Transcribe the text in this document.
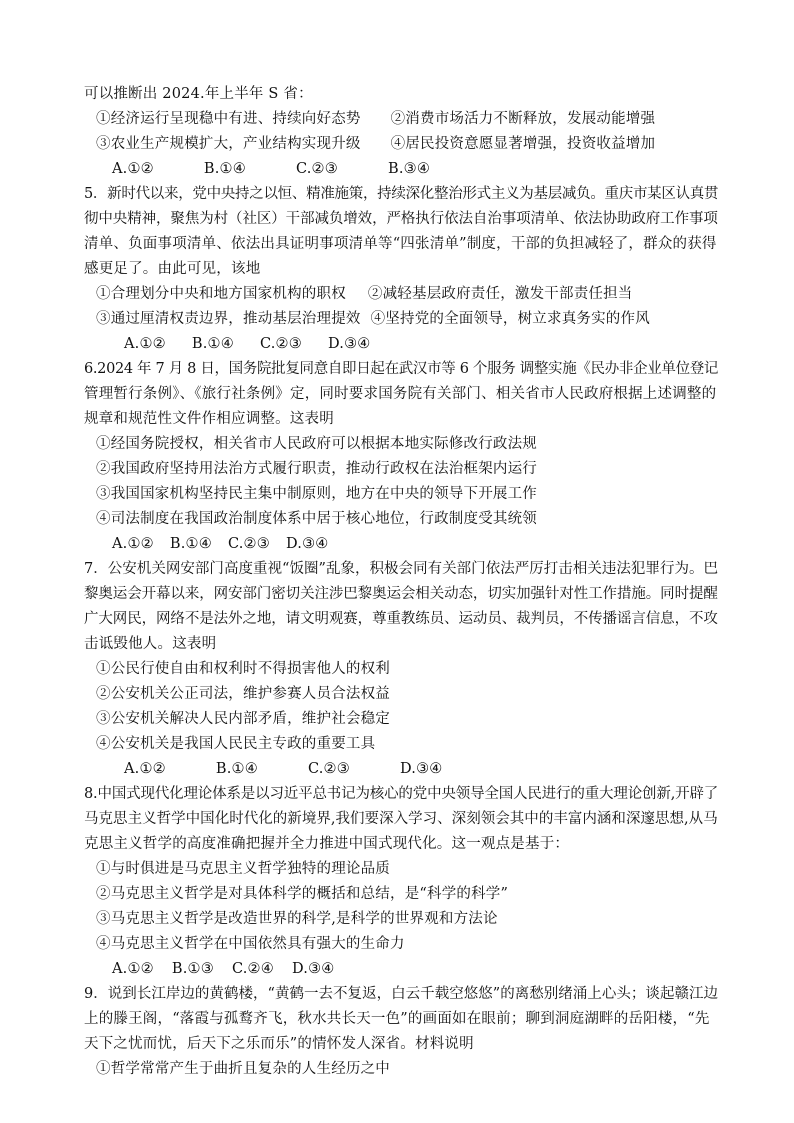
可以推断出 2024.年上半年 S 省：
①经济运行呈现稳中有进、持续向好态势 ②消费市场活力不断释放，发展动能增强
③农业生产规模扩大，产业结构实现升级 ④居民投资意愿显著增强，投资收益增加
A.①②	B.①④	C.②③	B.③④
5．新时代以来，党中央持之以恒、精准施策，持续深化整治形式主义为基层减负。重庆市某区认真贯
彻中央精神，聚焦为村（社区）干部减负增效，严格执行依法自治事项清单、依法协助政府工作事项
清单、负面事项清单、依法出具证明事项清单等“四张清单”制度，干部的负担减轻了，群众的获得
感更足了。由此可见，该地
①合理划分中央和地方国家机构的职权 ②减轻基层政府责任，激发干部责任担当
③通过厘清权责边界，推动基层治理提效 ④坚持党的全面领导，树立求真务实的作风
A.①② B.①④ C.②③ D.③④
6.2024 年 7 月 8 日，国务院批复同意自即日起在武汉市等 6 个服务 调整实施《民办非企业单位登记
管理暂行条例》、《旅行社条例》定，同时要求国务院有关部门、相关省市人民政府根据上述调整的
规章和规范性文件作相应调整。这表明
①经国务院授权，相关省市人民政府可以根据本地实际修改行政法规
②我国政府坚持用法治方式履行职责，推动行政权在法治框架内运行
③我国国家机构坚持民主集中制原则，地方在中央的领导下开展工作
④司法制度在我国政治制度体系中居于核心地位，行政制度受其统领
A.①② B.①④ C.②③ D.③④
7．公安机关网安部门高度重视“饭圈”乱象，积极会同有关部门依法严厉打击相关违法犯罪行为。巴
黎奥运会开幕以来，网安部门密切关注涉巴黎奥运会相关动态，切实加强针对性工作措施。同时提醒
广大网民，网络不是法外之地，请文明观赛，尊重教练员、运动员、裁判员，不传播谣言信息，不攻
击诋毁他人。这表明
①公民行使自由和权利时不得损害他人的权利
②公安机关公正司法，维护参赛人员合法权益
③公安机关解决人民内部矛盾，维护社会稳定
④公安机关是我国人民民主专政的重要工具
A.①②	B.①④	C.②③	D.③④
8.中国式现代化理论体系是以习近平总书记为核心的党中央领导全国人民进行的重大理论创新,开辟了
马克思主义哲学中国化时代化的新境界,我们要深入学习、深刻领会其中的丰富内涵和深邃思想,从马
克思主义哲学的高度准确把握并全力推进中国式现代化。这一观点是基于：
①与时俱进是马克思主义哲学独特的理论品质
②马克思主义哲学是对具体科学的概括和总结，是“科学的科学”
③马克思主义哲学是改造世界的科学,是科学的世界观和方法论
④马克思主义哲学在中国依然具有强大的生命力
A.①② B.①③ C.②④ D.③④
9．说到长江岸边的黄鹤楼，“黄鹤一去不复返，白云千载空悠悠”的离愁别绪涌上心头；谈起赣江边
上的滕王阁，“落霞与孤鹜齐飞，秋水共长天一色”的画面如在眼前；聊到洞庭湖畔的岳阳楼，“先
天下之忧而忧，后天下之乐而乐”的情怀发人深省。材料说明
①哲学常常产生于曲折且复杂的人生经历之中
